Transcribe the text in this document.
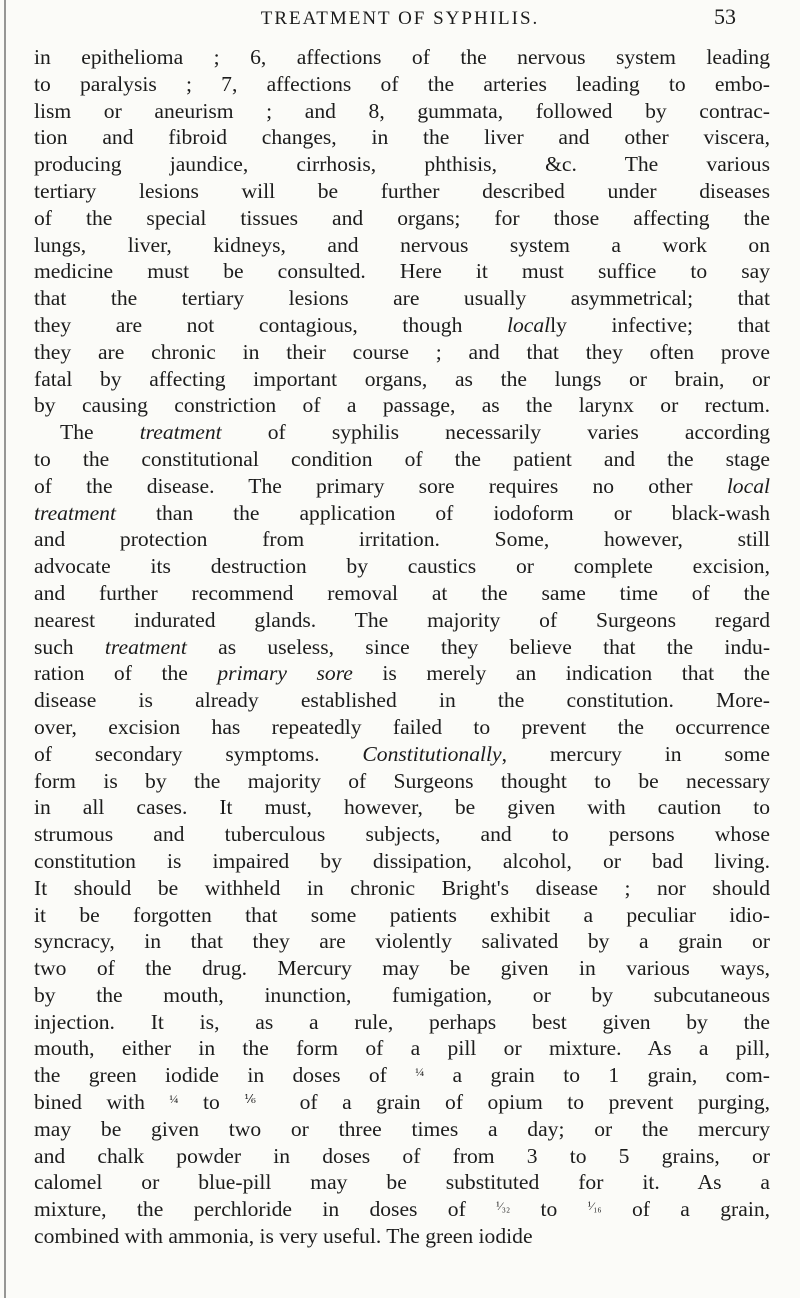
TREATMENT OF SYPHILIS.	53
in epithelioma ; 6, affections of the nervous system leading
to paralysis ; 7, affections of the arteries leading to embo-
lism or aneurism ; and 8, gummata, followed by contrac-
tion and fibroid changes, in the liver and other viscera,
producing jaundice, cirrhosis, phthisis, &c. The various
tertiary lesions will be further described under diseases
of the special tissues and organs; for those affecting the
lungs, liver, kidneys, and nervous system a work on
medicine must be consulted. Here it must suffice to say
that the tertiary lesions are usually asymmetrical; that
they are not contagious, though locally infective; that
they are chronic in their course ; and that they often prove
fatal by affecting important organs, as the lungs or brain, or
by causing constriction of a passage, as the larynx or rectum.
The treatment of syphilis necessarily varies according
to the constitutional condition of the patient and the stage
of the disease. The primary sore requires no other local
treatment than the application of iodoform or black-wash
and protection from irritation. Some, however, still
advocate its destruction by caustics or complete excision,
and further recommend removal at the same time of the
nearest indurated glands. The majority of Surgeons regard
such treatment as useless, since they believe that the indu-
ration of the primary sore is merely an indication that the
disease is already established in the constitution. More-
over, excision has repeatedly failed to prevent the occurrence
of secondary symptoms. Constitutionally, mercury in some
form is by the majority of Surgeons thought to be necessary
in all cases. It must, however, be given with caution to
strumous and tuberculous subjects, and to persons whose
constitution is impaired by dissipation, alcohol, or bad living.
It should be withheld in chronic Bright's disease ; nor should
it be forgotten that some patients exhibit a peculiar idio-
syncracy, in that they are violently salivated by a grain or
two of the drug. Mercury may be given in various ways,
by the mouth, inunction, fumigation, or by subcutaneous
injection. It is, as a rule, perhaps best given by the
mouth, either in the form of a pill or mixture. As a pill,
the green iodide in doses of $^{\frac{1}{4}}$ a grain to 1 grain, com-
bined with $^{\frac{1}{4}}$ to $^{\frac{1}{6}}$ of a grain of opium to prevent purging,
may be given two or three times a day; or the mercury
and chalk powder in doses of from 3 to 5 grains, or
calomel or blue-pill may be substituted for it. As a
mixture, the perchloride in doses of	$^{^1⁄_{32}}$ to	$^{^1⁄_{16}}$ of a grain,
combined with ammonia, is very useful. The green iodide
